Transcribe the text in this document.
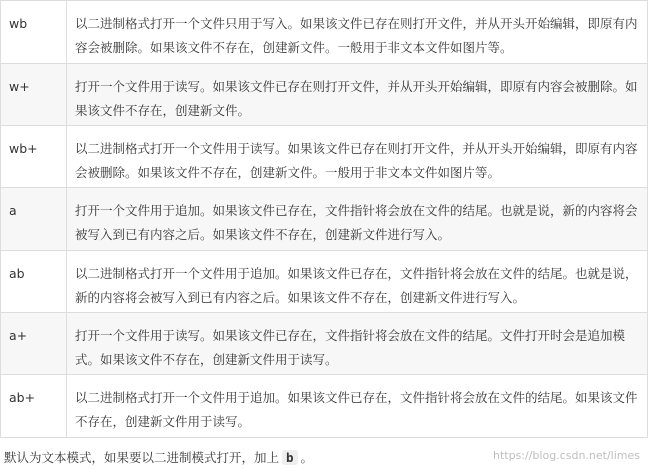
wb	以二进制格式打开一个文件只用于写入。如果该文件已存在则打开文件，并从开头开始编辑，即原有内容会被删除。如果该文件不存在，创建新文件。一般用于非文本文件如图片等。
w+	打开一个文件用于读写。如果该文件已存在则打开文件，并从开头开始编辑，即原有内容会被删除。如果该文件不存在，创建新文件。
wb+	以二进制格式打开一个文件用于读写。如果该文件已存在则打开文件，并从开头开始编辑，即原有内容会被删除。如果该文件不存在，创建新文件。一般用于非文本文件如图片等。
a	打开一个文件用于追加。如果该文件已存在，文件指针将会放在文件的结尾。也就是说，新的内容将会被写入到已有内容之后。如果该文件不存在，创建新文件进行写入。
ab	以二进制格式打开一个文件用于追加。如果该文件已存在，文件指针将会放在文件的结尾。也就是说，新的内容将会被写入到已有内容之后。如果该文件不存在，创建新文件进行写入。
a+	打开一个文件用于读写。如果该文件已存在，文件指针将会放在文件的结尾。文件打开时会是追加模式。如果该文件不存在，创建新文件用于读写。
ab+	以二进制格式打开一个文件用于追加。如果该文件已存在，文件指针将会放在文件的结尾。如果该文件不存在，创建新文件用于读写。
默认为文本模式，如果要以二进制模式打开，加上 b 。	https://blog.csdn.net/limes
